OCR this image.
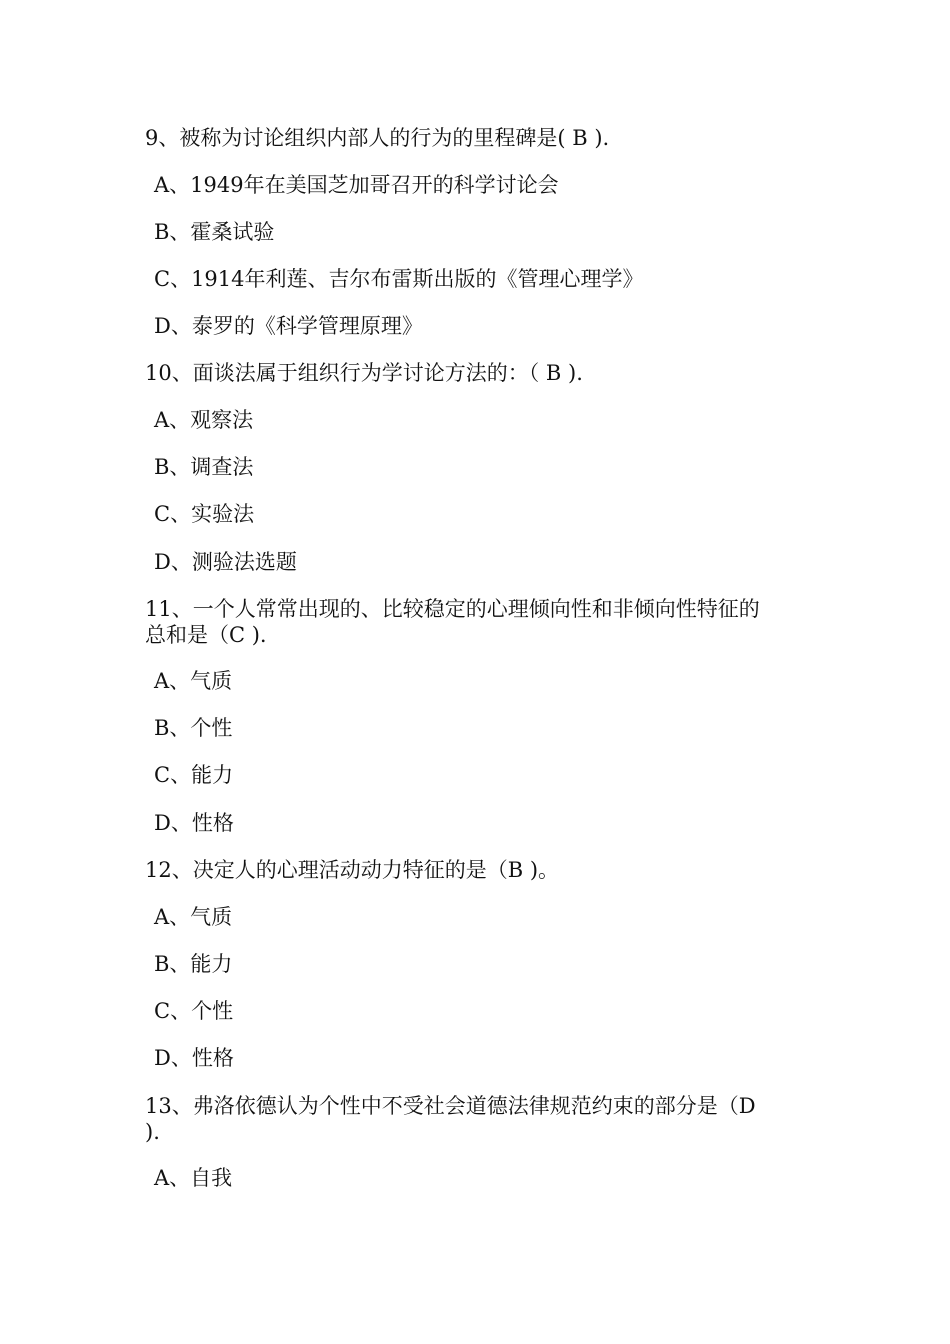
9、被称为讨论组织内部人的行为的里程碑是( B ).
A、1949年在美国芝加哥召开的科学讨论会
B、霍桑试验
C、1914年利莲、吉尔布雷斯出版的《管理心理学》
D、泰罗的《科学管理原理》
10、面谈法属于组织行为学讨论方法的：（ B ).
A、观察法
B、调查法
C、实验法
D、测验法选题
11、一个人常常出现的、比较稳定的心理倾向性和非倾向性特征的
总和是（C ).
A、气质
B、个性
C、能力
D、性格
12、决定人的心理活动动力特征的是（B )。
A、气质
B、能力
C、个性
D、性格
13、弗洛依德认为个性中不受社会道德法律规范约束的部分是（D
).
A、自我
